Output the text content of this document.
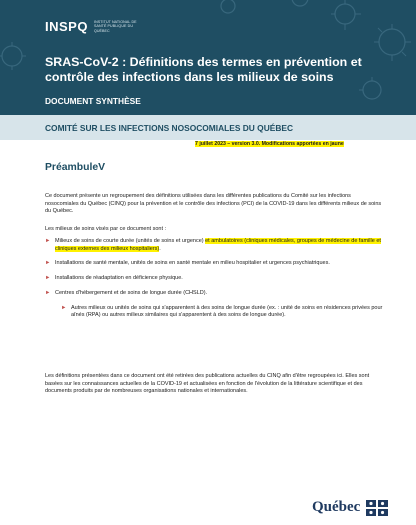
INSPQ INSTITUT NATIONAL DE SANTÉ PUBLIQUE DU QUÉBEC
SRAS-CoV-2 : Définitions des termes en prévention et contrôle des infections dans les milieux de soins
DOCUMENT SYNTHÈSE
COMITÉ SUR LES INFECTIONS NOSOCOMIALES DU QUÉBEC
7 juillet 2023 – version 3.0. Modifications apportées en jaune
PréambuleV
Ce document présente un regroupement des définitions utilisées dans les différentes publications du Comité sur les infections nosocomiales du Québec (CINQ) pour la prévention et le contrôle des infections (PCI) de la COVID-19 dans les différents milieux de soins du Québec.
Les milieux de soins visés par ce document sont :
► Milieux de soins de courte durée (unités de soins et urgence) et ambulatoires (cliniques médicales, groupes de médecine de famille et cliniques externes des milieux hospitaliers).
► Installations de santé mentale, unités de soins en santé mentale en milieu hospitalier et urgences psychiatriques.
► Installations de réadaptation en déficience physique.
► Centres d'hébergement et de soins de longue durée (CHSLD).
► Autres milieux ou unités de soins qui s'apparentent à des soins de longue durée (ex. : unité de soins en résidences privées pour aînés (RPA) ou autres milieux similaires qui s'apparentent à des soins de longue durée).
Les définitions présentées dans ce document ont été retirées des publications actuelles du CINQ afin d'être regroupées ici. Elles sont basées sur les connaissances actuelles de la COVID-19 et actualisées en fonction de l'évolution de la littérature scientifique et des documents produits par de nombreuses organisations nationales et internationales.
Québec
